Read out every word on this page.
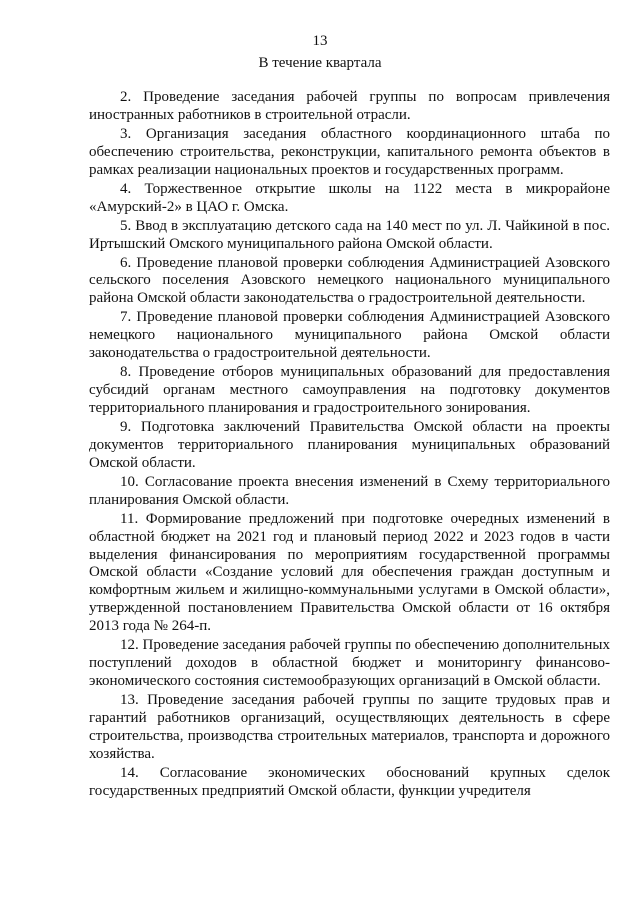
13
В течение квартала

2. Проведение заседания рабочей группы по вопросам привлечения иностранных работников в строительной отрасли.

3. Организация заседания областного координационного штаба по обеспечению строительства, реконструкции, капитального ремонта объектов в рамках реализации национальных проектов и государственных программ.

4. Торжественное открытие школы на 1122 места в микрорайоне «Амурский-2» в ЦАО г. Омска.

5. Ввод в эксплуатацию детского сада на 140 мест по ул. Л. Чайкиной в пос. Иртышский Омского муниципального района Омской области.

6. Проведение плановой проверки соблюдения Администрацией Азовского сельского поселения Азовского немецкого национального муниципального района Омской области законодательства о градостроительной деятельности.

7. Проведение плановой проверки соблюдения Администрацией Азовского немецкого национального муниципального района Омской области законодательства о градостроительной деятельности.

8. Проведение отборов муниципальных образований для предоставления субсидий органам местного самоуправления на подготовку документов территориального планирования и градостроительного зонирования.

9. Подготовка заключений Правительства Омской области на проекты документов территориального планирования муниципальных образований Омской области.

10. Согласование проекта внесения изменений в Схему территориального планирования Омской области.

11. Формирование предложений при подготовке очередных изменений в областной бюджет на 2021 год и плановый период 2022 и 2023 годов в части выделения финансирования по мероприятиям государственной программы Омской области «Создание условий для обеспечения граждан доступным и комфортным жильем и жилищно-коммунальными услугами в Омской области», утвержденной постановлением Правительства Омской области от 16 октября 2013 года № 264-п.

12. Проведение заседания рабочей группы по обеспечению дополнительных поступлений доходов в областной бюджет и мониторингу финансово-экономического состояния системообразующих организаций в Омской области.

13. Проведение заседания рабочей группы по защите трудовых прав и гарантий работников организаций, осуществляющих деятельность в сфере строительства, производства строительных материалов, транспорта и дорожного хозяйства.

14. Согласование экономических обоснований крупных сделок государственных предприятий Омской области, функции учредителя
